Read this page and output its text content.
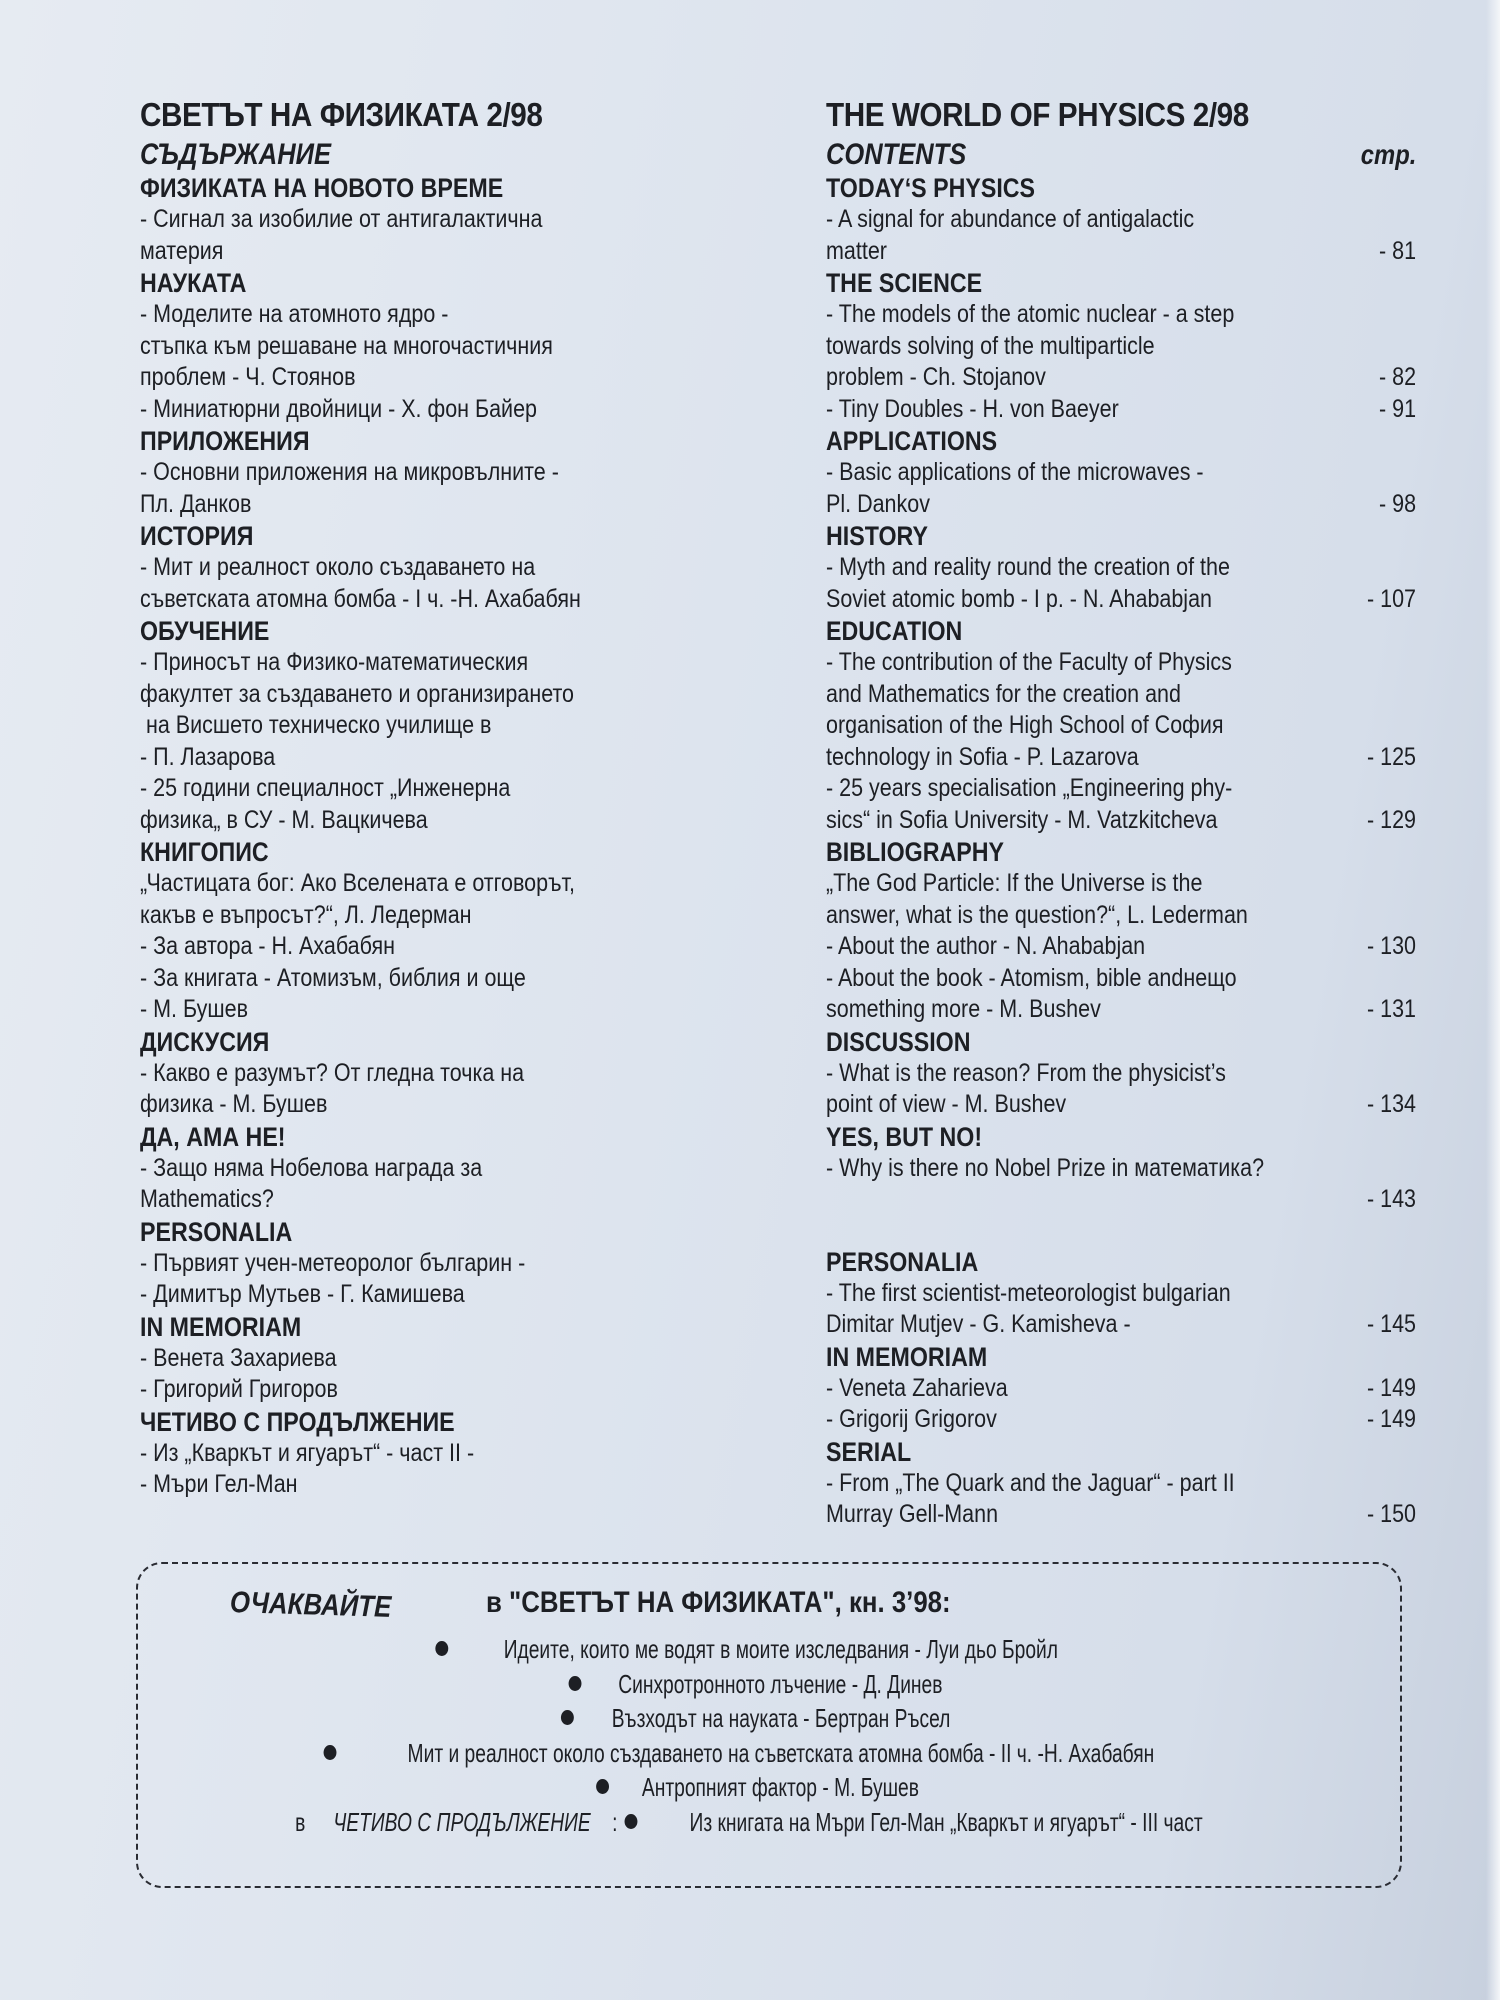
СВЕТЪТ НА ФИЗИКАТА 2/98
СЪДЪРЖАНИЕ
ФИЗИКАТА НА НОВОТО ВРЕМЕ
- Сигнал за изобилие от антигалактична
материя
НАУКАТА
- Моделите на атомното ядро -
стъпка към решаване на многочастичния
проблем - Ч. Стоянов
- Миниатюрни двойници - Х. фон Байер
ПРИЛОЖЕНИЯ
- Основни приложения на микровълните -
Пл. Данков
ИСТОРИЯ
- Мит и реалност около създаването на
съветската атомна бомба - I ч. -Н. Ахабабян
ОБУЧЕНИЕ
- Приносът на Физико-математическия
факултет за създаването и организирането
на Висшето техническо училище в
- П. Лазарова
- 25 години специалност „Инженерна
физика„ в СУ - М. Вацкичева
КНИГОПИС
„Частицата бог: Ако Вселената е отговорът,
какъв е въпросът?“, Л. Ледерман
- За автора - Н. Ахабабян
- За книгата - Атомизъм, библия и още
- М. Бушев
ДИСКУСИЯ
- Какво е разумът? От гледна точка на
физика - М. Бушев
ДА, АМА НЕ!
- Защо няма Нобелова награда за
Mathematics?
PERSONALIA
- Първият учен-метеоролог българин -
- Димитър Мутьев - Г. Камишева
IN MEMORIAM
- Венета Захариева
- Григорий Григоров
ЧЕТИВО С ПРОДЪЛЖЕНИЕ
- Из „Кваркът и ягуарът“ - част II -
- Мъри Гел-Ман
THE WORLD OF PHYSICS 2/98
CONTENTS	стр.
TODAY‘S PHYSICS
- A signal for abundance of antigalactic
matter	- 81
THE SCIENCE
- The models of the atomic nuclear - a step
towards solving of the multiparticle
problem - Ch. Stojanov	- 82
- Tiny Doubles - H. von Baeyer	- 91
APPLICATIONS
- Basic applications of the microwaves -
Pl. Dankov	- 98
HISTORY
- Myth and reality round the creation of the
Soviet atomic bomb - I p. - N. Ahababjan	- 107
EDUCATION
- The contribution of the Faculty of Physics
and Mathematics for the creation and
organisation of the High School of София
technology in Sofia - P. Lazarova	- 125
- 25 years specialisation „Engineering phy-
sics“ in Sofia University - M. Vatzkitcheva	- 129
BIBLIOGRAPHY
„The God Particle: If the Universe is the
answer, what is the question?“, L. Lederman
- About the author - N. Ahababjan	- 130
- About the book - Atomism, bible andнещо
something more - M. Bushev	- 131
DISCUSSION
- What is the reason? From the physicist’s
point of view - M. Bushev	- 134
YES, BUT NO!
- Why is there no Nobel Prize in математика?
- 143
PERSONALIA
- The first scientist-meteorologist bulgarian
Dimitar Mutjev - G. Kamisheva -	- 145
IN MEMORIAM
- Veneta Zaharieva	- 149
- Grigorij Grigorov	- 149
SERIAL
- From „The Quark and the Jaguar“ - part II
Murray Gell-Mann	- 150
ОЧАКВАЙТЕ	в "СВЕТЪТ НА ФИЗИКАТА", кн. 3’98:
Идеите, които ме водят в моите изследвания - Луи дьо Бройл
Синхротронното лъчение - Д. Динев
Възходът на науката - Бертран Ръсел
Мит и реалност около създаването на съветската атомна бомба - II ч. -Н. Ахабабян
Антропният фактор - М. Бушев
в ЧЕТИВО С ПРОДЪЛЖЕНИЕ :	Из книгата на Мъри Гел-Ман „Кваркът и ягуарът“ - III част
